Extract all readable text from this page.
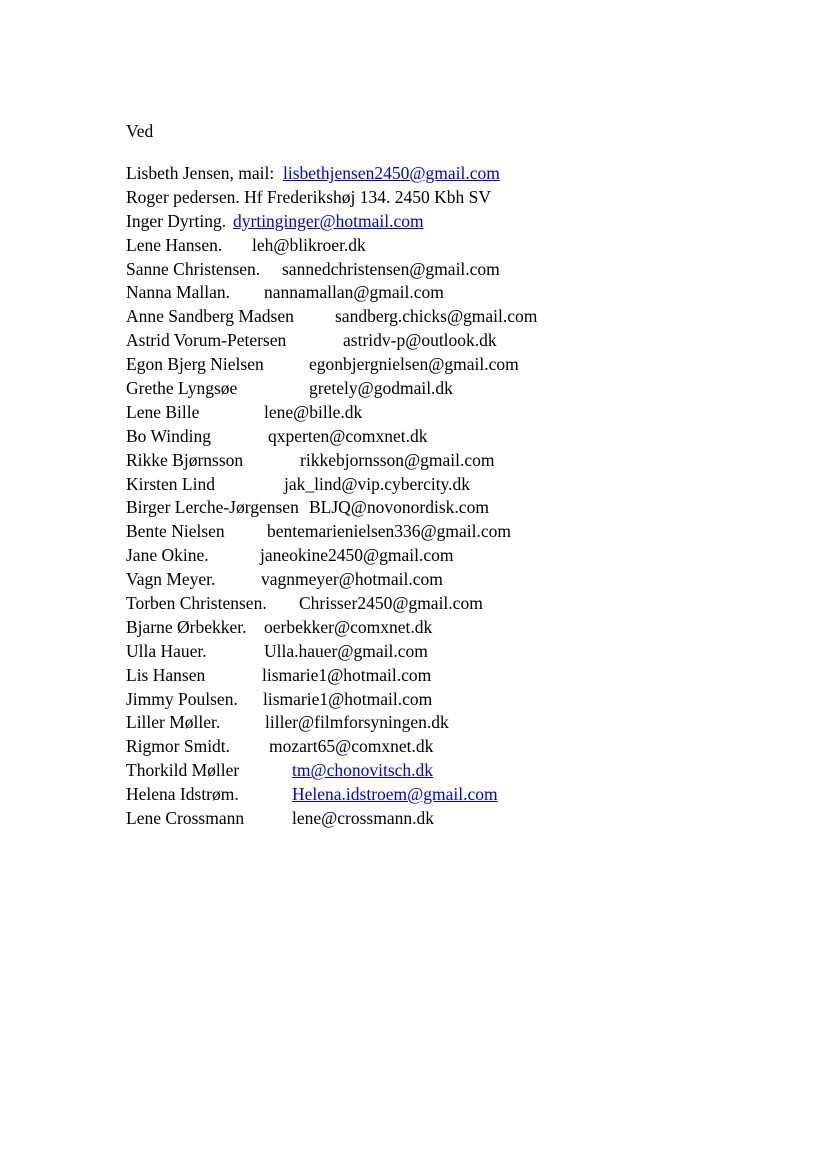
Ved
Lisbeth Jensen, mail: lisbethjensen2450@gmail.com
Roger pedersen. Hf Frederikshøj 134. 2450 Kbh SV
Inger Dyrting. dyrtinginger@hotmail.com
Lene Hansen. leh@blikroer.dk
Sanne Christensen. sannedchristensen@gmail.com
Nanna Mallan. nannamallan@gmail.com
Anne Sandberg Madsen sandberg.chicks@gmail.com
Astrid Vorum-Petersen	astridv-p@outlook.dk
Egon Bjerg Nielsen	egonbjergnielsen@gmail.com
Grethe Lyngsøe	gretely@godmail.dk
Lene Bille	lene@bille.dk
Bo Winding	qxperten@comxnet.dk
Rikke Bjørnsson	rikkebjornsson@gmail.com
Kirsten Lind	jak_lind@vip.cybercity.dk
Birger Lerche-Jørgensen BLJQ@novonordisk.com
Bente Nielsen bentemarienielsen336@gmail.com
Jane Okine.	janeokine2450@gmail.com
Vagn Meyer.	vagnmeyer@hotmail.com
Torben Christensen. Chrisser2450@gmail.com
Bjarne Ørbekker. oerbekker@comxnet.dk
Ulla Hauer.	Ulla.hauer@gmail.com
Lis Hansen	lismarie1@hotmail.com
Jimmy Poulsen. lismarie1@hotmail.com
Liller Møller.	liller@filmforsyningen.dk
Rigmor Smidt. mozart65@comxnet.dk
Thorkild Møller	tm@chonovitsch.dk
Helena Idstrøm.	Helena.idstroem@gmail.com
Lene Crossmann	lene@crossmann.dk
